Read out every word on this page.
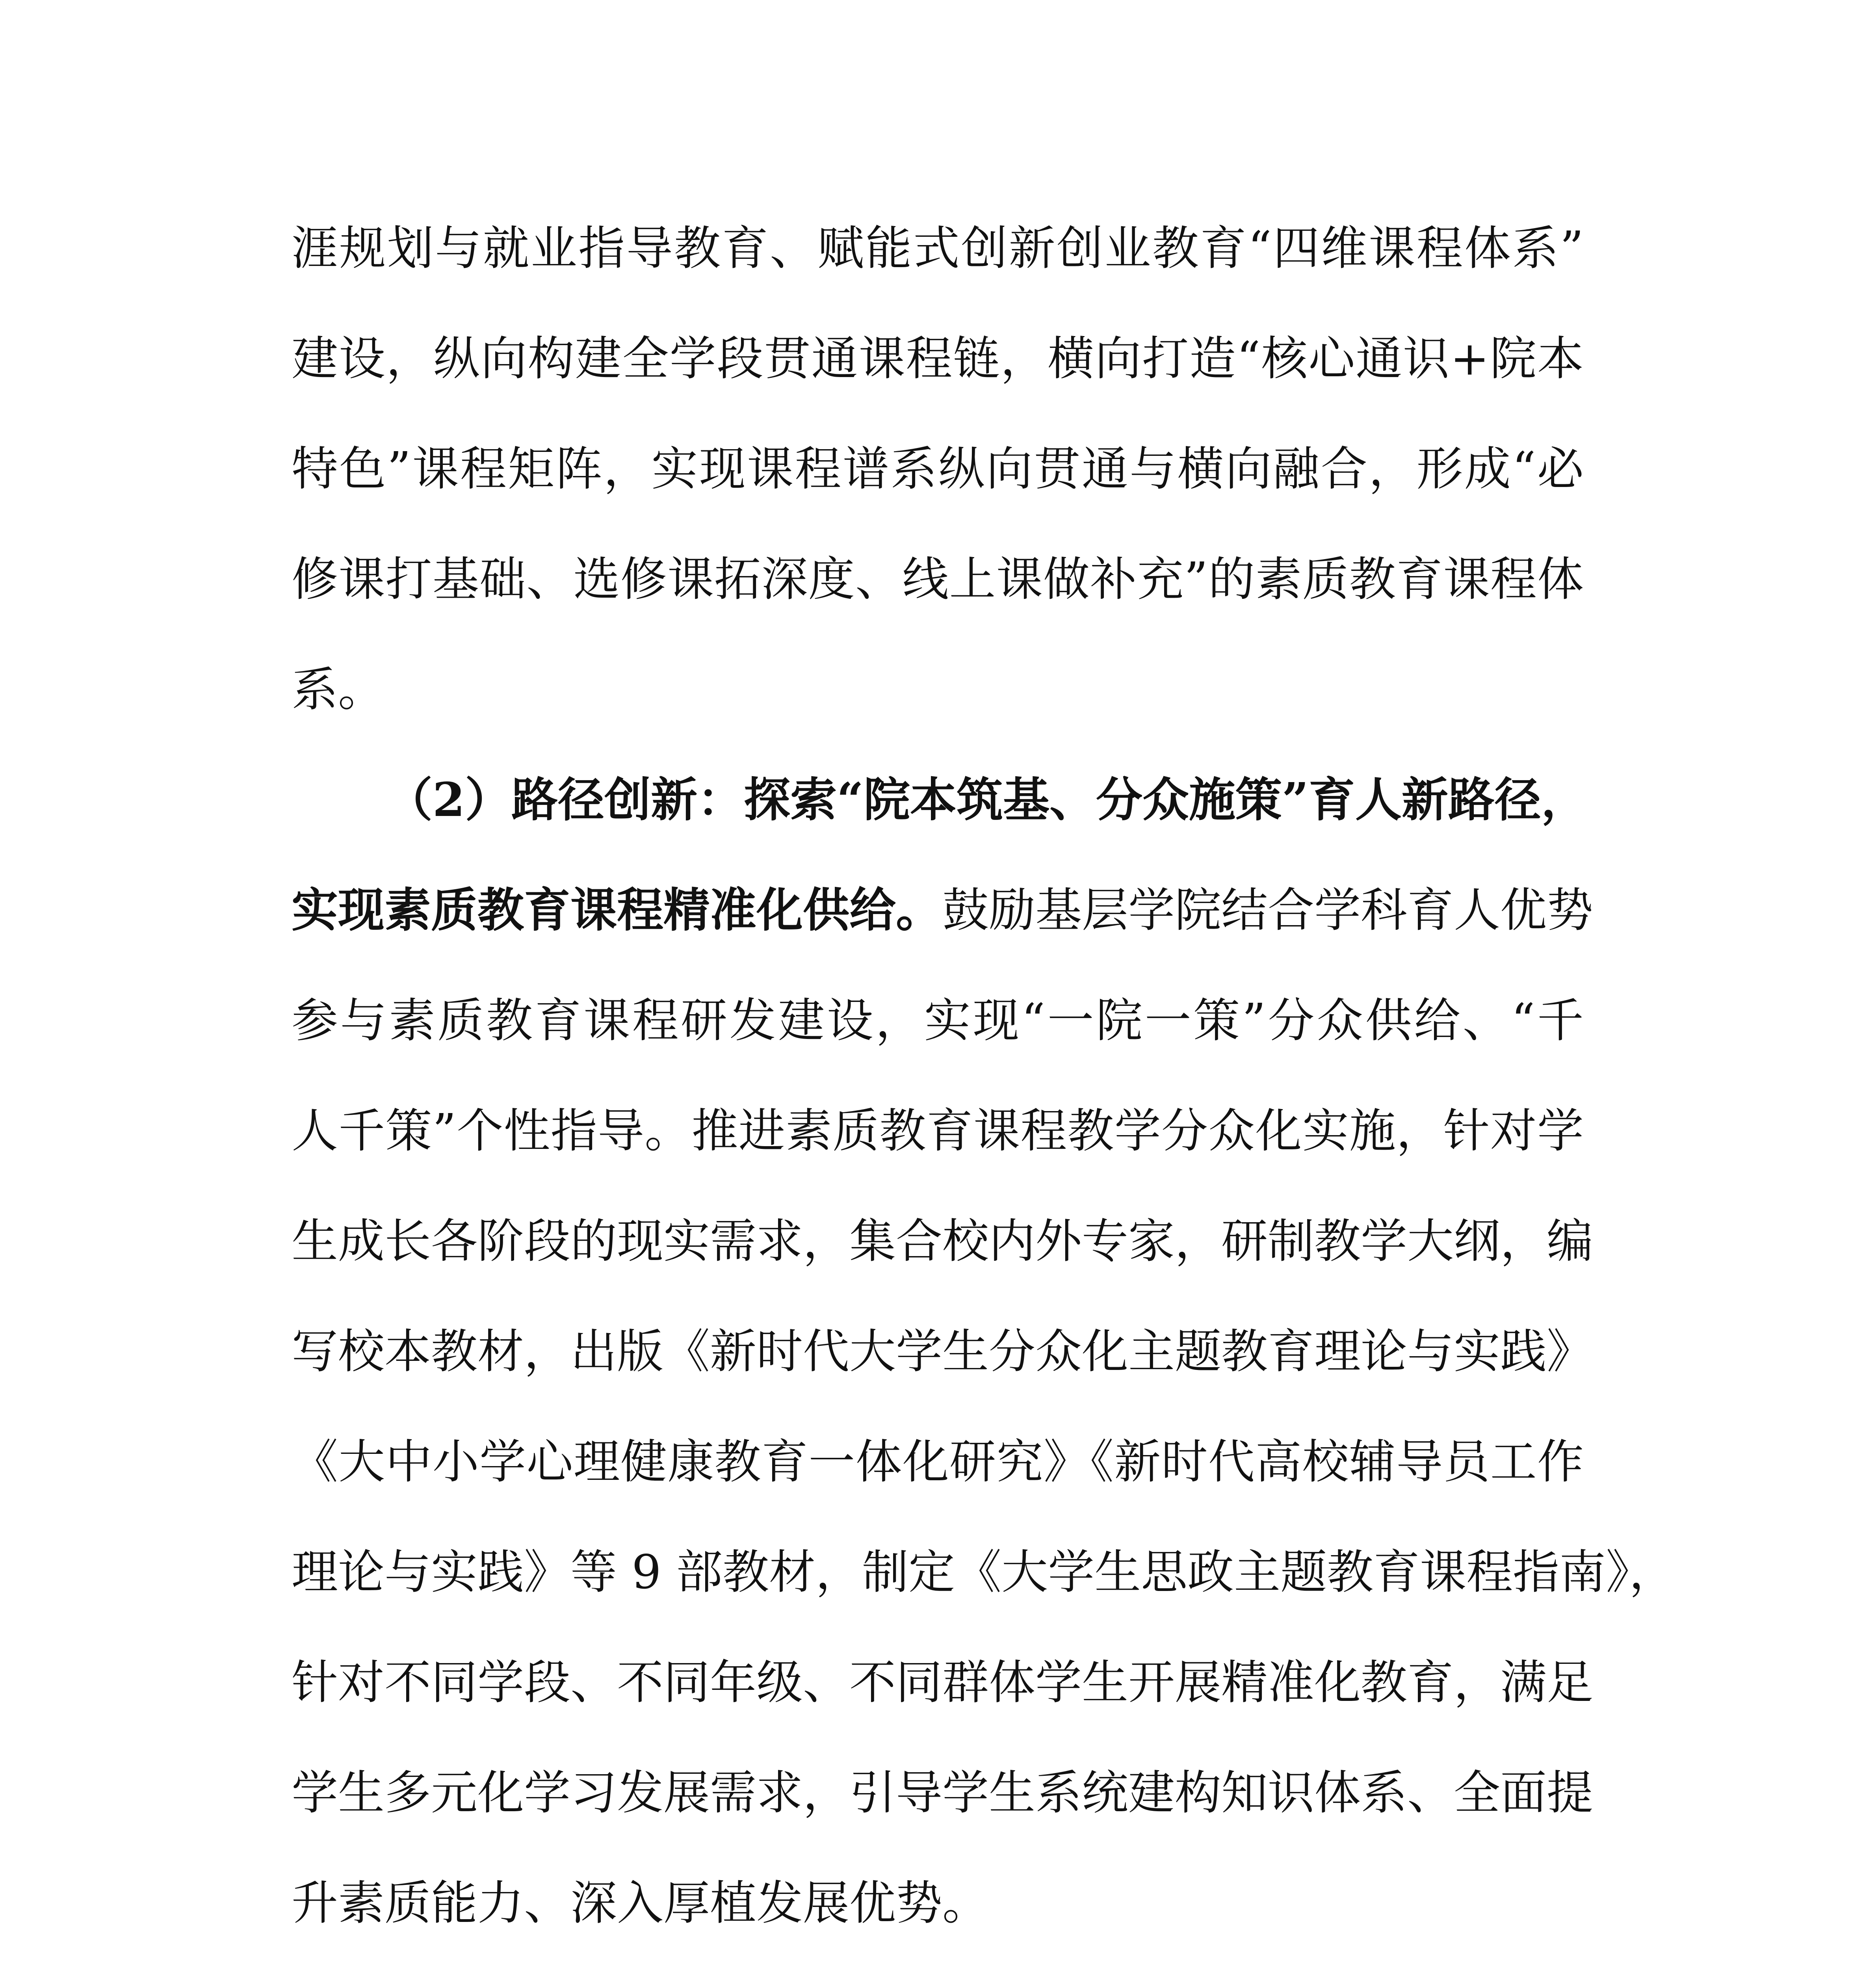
涯规划与就业指导教育、赋能式创新创业教育“四维课程体系”

建设，纵向构建全学段贯通课程链，横向打造“核心通识+院本

特色”课程矩阵，实现课程谱系纵向贯通与横向融合，形成“必

修课打基础、选修课拓深度、线上课做补充”的素质教育课程体

系。

（2）路径创新：探索“院本筑基、分众施策”育人新路径，

实现素质教育课程精准化供给。鼓励基层学院结合学科育人优势

参与素质教育课程研发建设，实现“一院一策”分众供给、“千

人千策”个性指导。推进素质教育课程教学分众化实施，针对学

生成长各阶段的现实需求，集合校内外专家，研制教学大纲，编

写校本教材，出版《新时代大学生分众化主题教育理论与实践》

《大中小学心理健康教育一体化研究》《新时代高校辅导员工作

理论与实践》等 9 部教材，制定《大学生思政主题教育课程指南》，

针对不同学段、不同年级、不同群体学生开展精准化教育，满足

学生多元化学习发展需求，引导学生系统建构知识体系、全面提

升素质能力、深入厚植发展优势。
